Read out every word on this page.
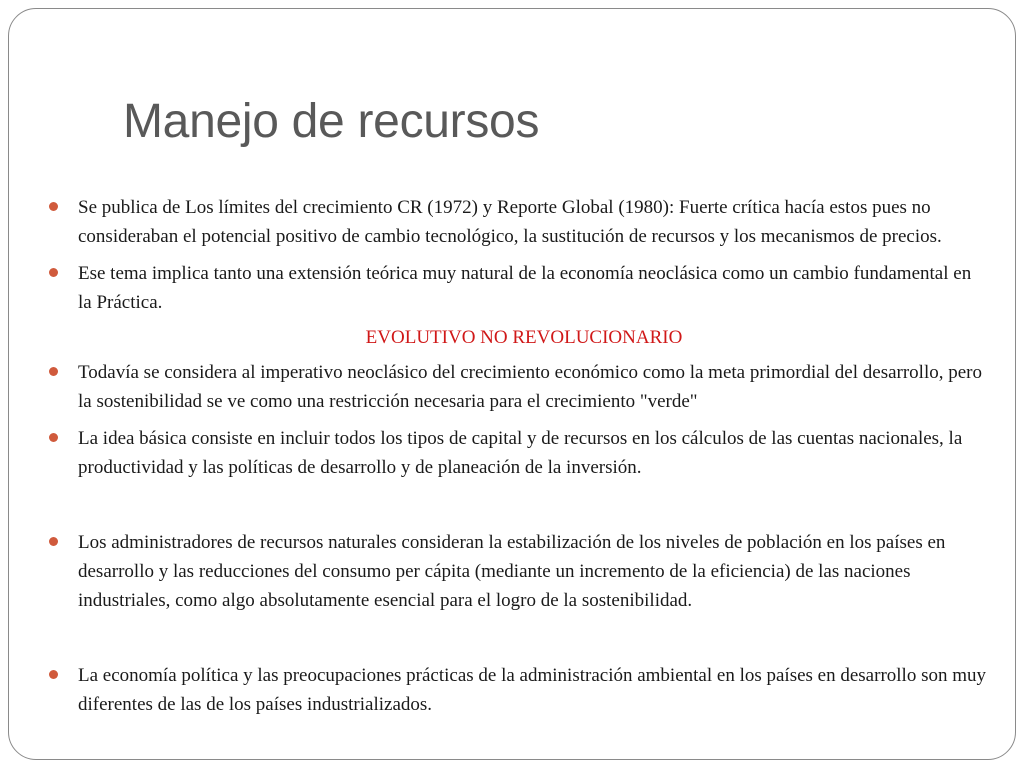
Manejo de recursos
Se publica de Los límites del crecimiento CR (1972) y Reporte Global (1980): Fuerte crítica hacía estos pues no consideraban el potencial positivo de cambio tecnológico, la sustitución de recursos y los mecanismos de precios.
Ese tema implica tanto una extensión teórica muy natural de la economía neoclásica como un cambio fundamental en la Práctica.
EVOLUTIVO NO REVOLUCIONARIO
Todavía se considera al imperativo neoclásico del crecimiento económico como la meta primordial del desarrollo, pero la sostenibilidad se ve como una restricción necesaria para el crecimiento "verde"
La idea básica consiste en incluir todos los tipos de capital y de recursos en los cálculos de las cuentas nacionales, la productividad y las políticas de desarrollo y de planeación de la inversión.
Los administradores de recursos naturales consideran la estabilización de los niveles de población en los países en desarrollo y las reducciones del consumo per cápita (mediante un incremento de la eficiencia) de las naciones industriales, como algo absolutamente esencial para el logro de la sostenibilidad.
La economía política y las preocupaciones prácticas de la administración ambiental en los países en desarrollo son muy diferentes de las de los países industrializados.
